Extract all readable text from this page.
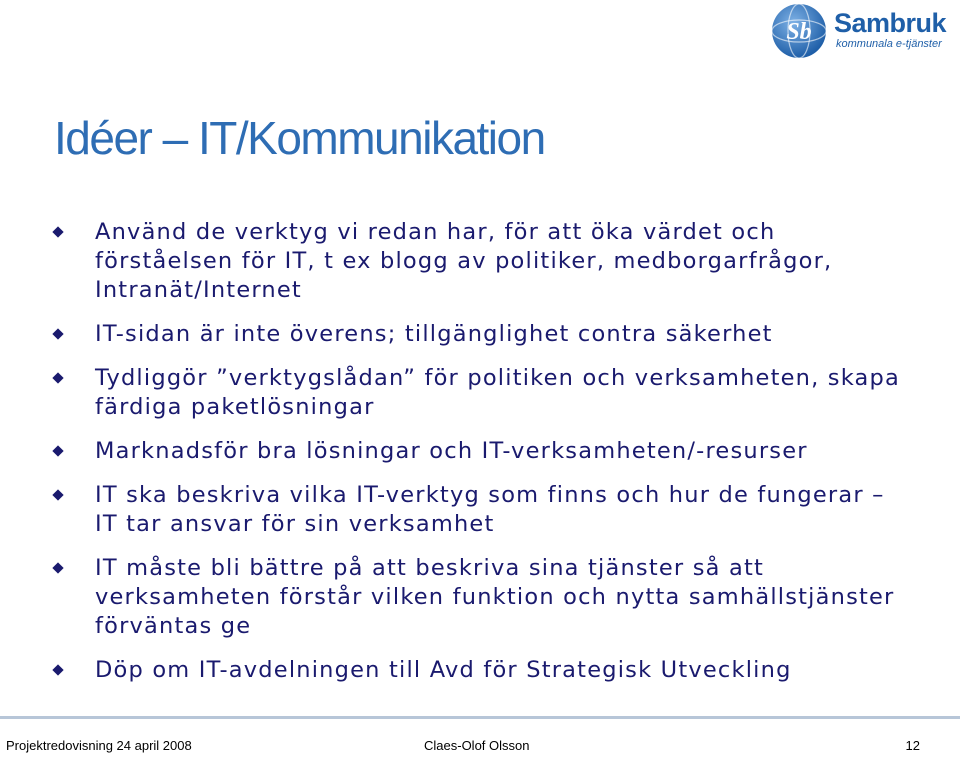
Sb Sambruk
kommunala e-tjänster
Idéer – IT/Kommunikation
Använd de verktyg vi redan har, för att öka värdet och
förståelsen för IT, t ex blogg av politiker, medborgarfrågor,
Intranät/Internet
IT-sidan är inte överens; tillgänglighet contra säkerhet
Tydliggör ”verktygslådan” för politiken och verksamheten, skapa
färdiga paketlösningar
Marknadsför bra lösningar och IT-verksamheten/-resurser
IT ska beskriva vilka IT-verktyg som finns och hur de fungerar –
IT tar ansvar för sin verksamhet
IT måste bli bättre på att beskriva sina tjänster så att
verksamheten förstår vilken funktion och nytta samhällstjänster
förväntas ge
Döp om IT-avdelningen till Avd för Strategisk Utveckling
Projektredovisning 24 april 2008	Claes-Olof Olsson	12
